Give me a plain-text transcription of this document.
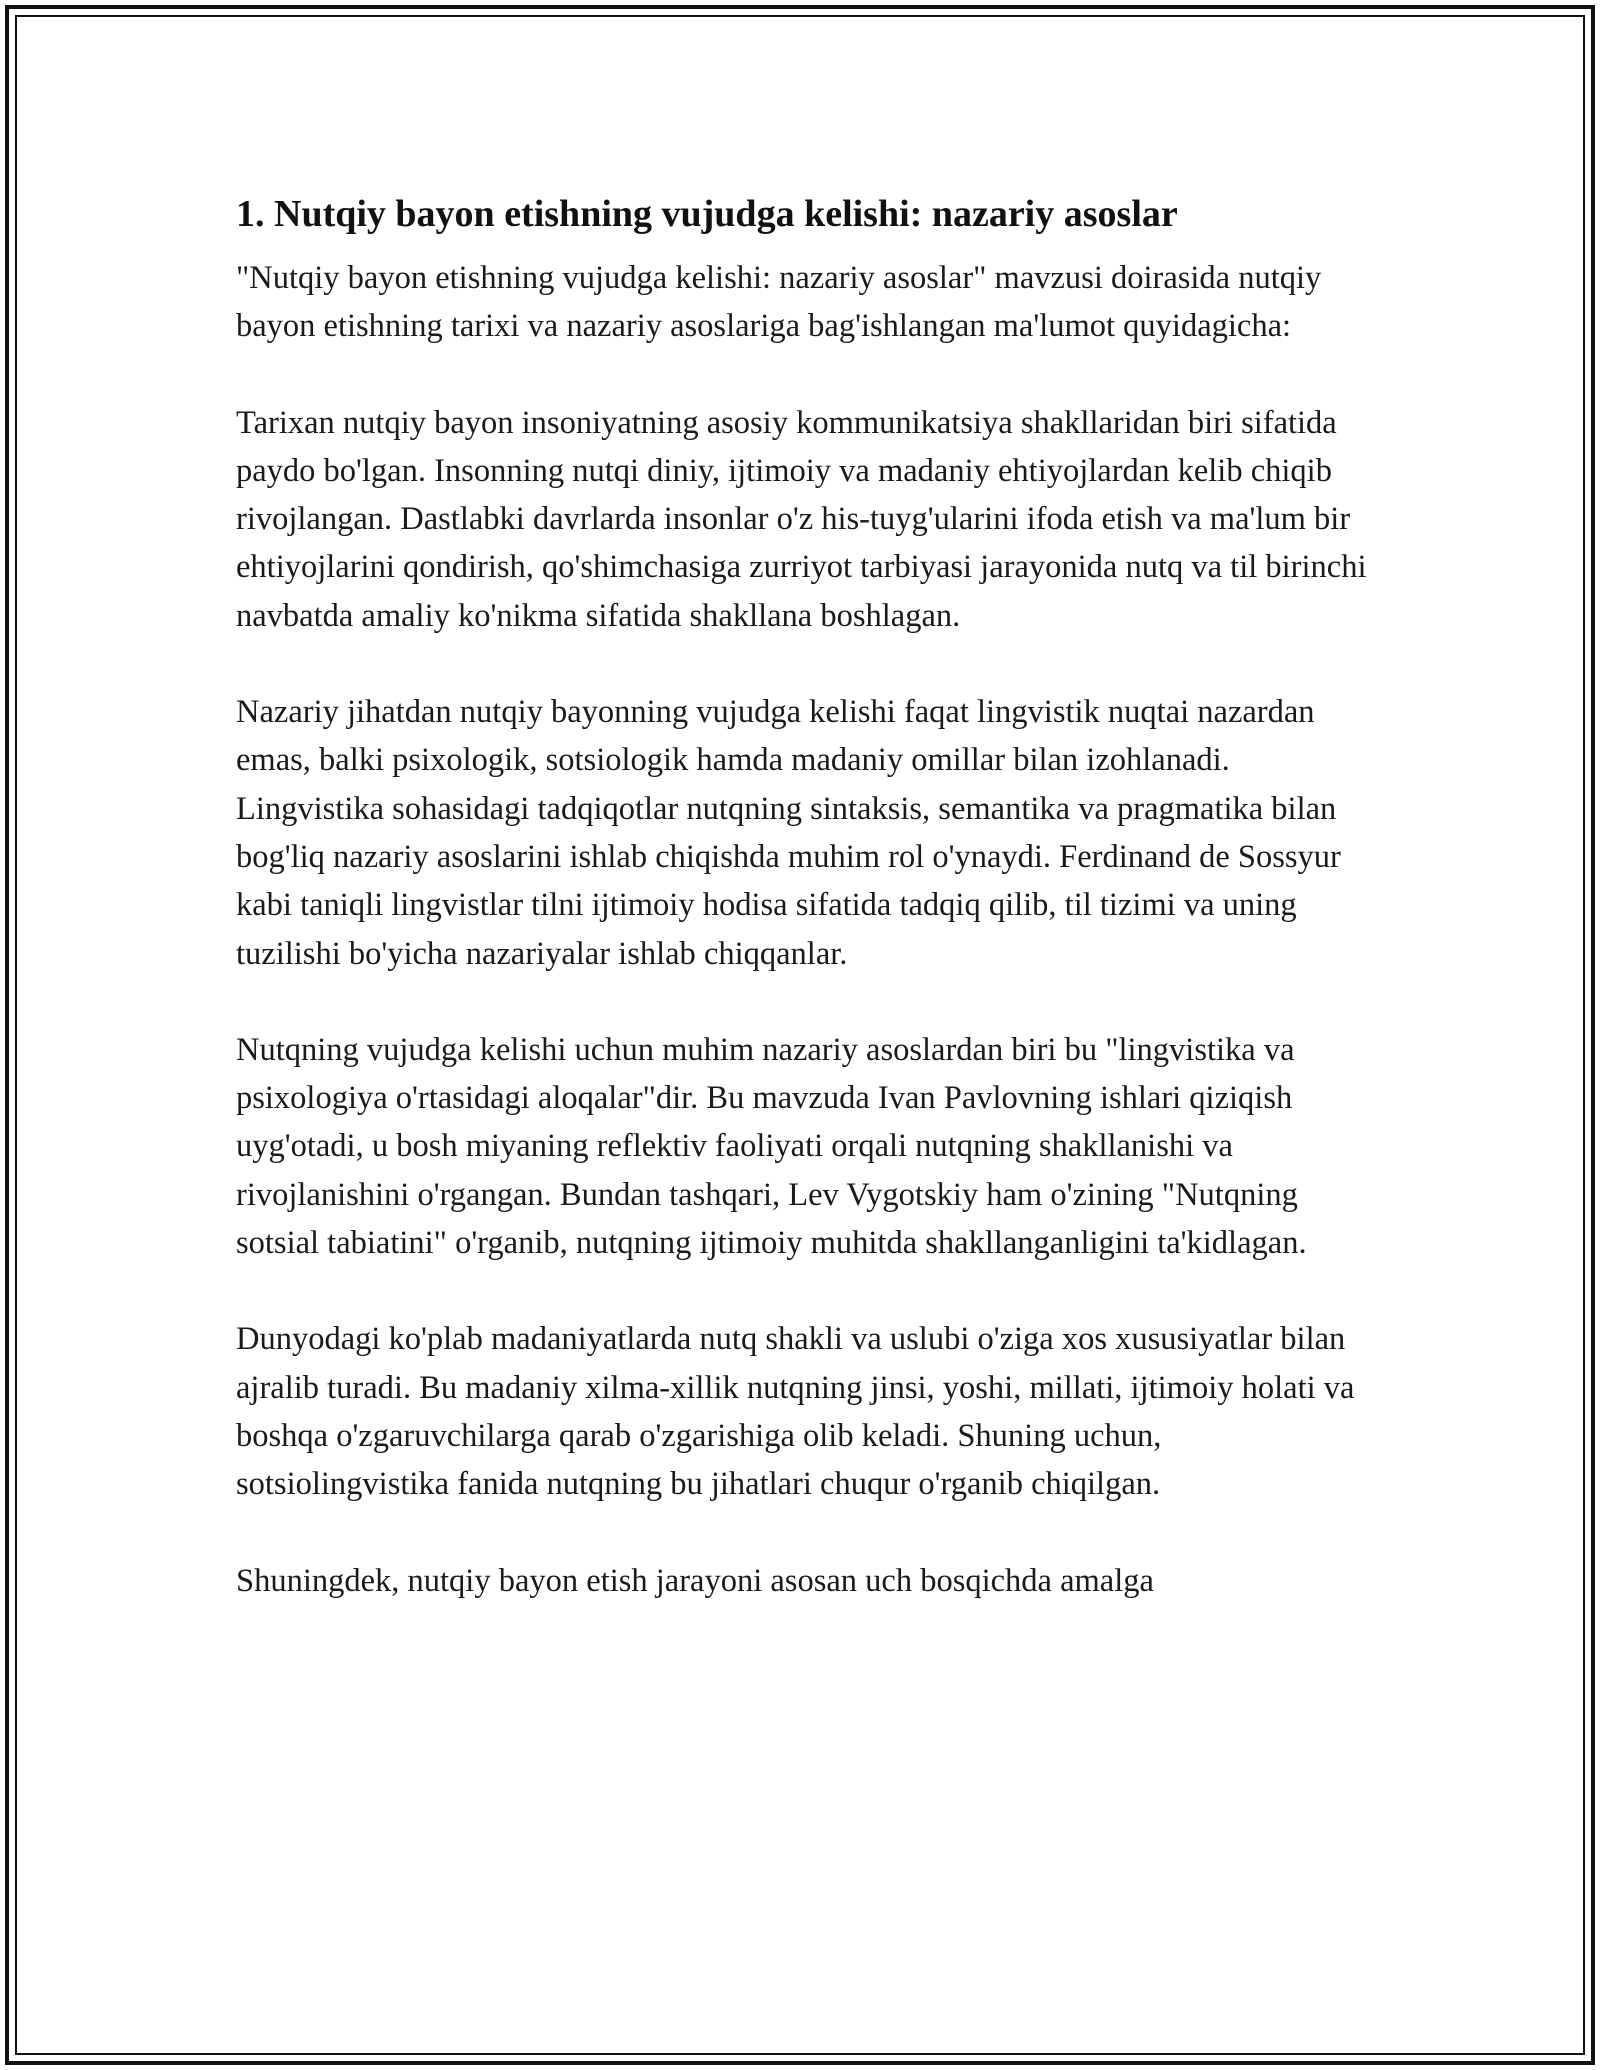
1. Nutqiy bayon etishning vujudga kelishi: nazariy asoslar

"Nutqiy bayon etishning vujudga kelishi: nazariy asoslar" mavzusi doirasida nutqiy bayon etishning tarixi va nazariy asoslariga bag'ishlangan ma'lumot quyidagicha:

Tarixan nutqiy bayon insoniyatning asosiy kommunikatsiya shakllaridan biri sifatida paydo bo'lgan. Insonning nutqi diniy, ijtimoiy va madaniy ehtiyojlardan kelib chiqib rivojlangan. Dastlabki davrlarda insonlar o'z his-tuyg'ularini ifoda etish va ma'lum bir ehtiyojlarini qondirish, qo'shimchasiga zurriyot tarbiyasi jarayonida nutq va til birinchi navbatda amaliy ko'nikma sifatida shakllana boshlagan.

Nazariy jihatdan nutqiy bayonning vujudga kelishi faqat lingvistik nuqtai nazardan emas, balki psixologik, sotsiologik hamda madaniy omillar bilan izohlanadi. Lingvistika sohasidagi tadqiqotlar nutqning sintaksis, semantika va pragmatika bilan bog'liq nazariy asoslarini ishlab chiqishda muhim rol o'ynaydi. Ferdinand de Sossyur kabi taniqli lingvistlar tilni ijtimoiy hodisa sifatida tadqiq qilib, til tizimi va uning tuzilishi bo'yicha nazariyalar ishlab chiqqanlar.

Nutqning vujudga kelishi uchun muhim nazariy asoslardan biri bu "lingvistika va psixologiya o'rtasidagi aloqalar"dir. Bu mavzuda Ivan Pavlovning ishlari qiziqish uyg'otadi, u bosh miyaning reflektiv faoliyati orqali nutqning shakllanishi va rivojlanishini o'rgangan. Bundan tashqari, Lev Vygotskiy ham o'zining "Nutqning sotsial tabiatini" o'rganib, nutqning ijtimoiy muhitda shakllanganligini ta'kidlagan.

Dunyodagi ko'plab madaniyatlarda nutq shakli va uslubi o'ziga xos xususiyatlar bilan ajralib turadi. Bu madaniy xilma-xillik nutqning jinsi, yoshi, millati, ijtimoiy holati va boshqa o'zgaruvchilarga qarab o'zgarishiga olib keladi. Shuning uchun, sotsiolingvistika fanida nutqning bu jihatlari chuqur o'rganib chiqilgan.

Shuningdek, nutqiy bayon etish jarayoni asosan uch bosqichda amalga
